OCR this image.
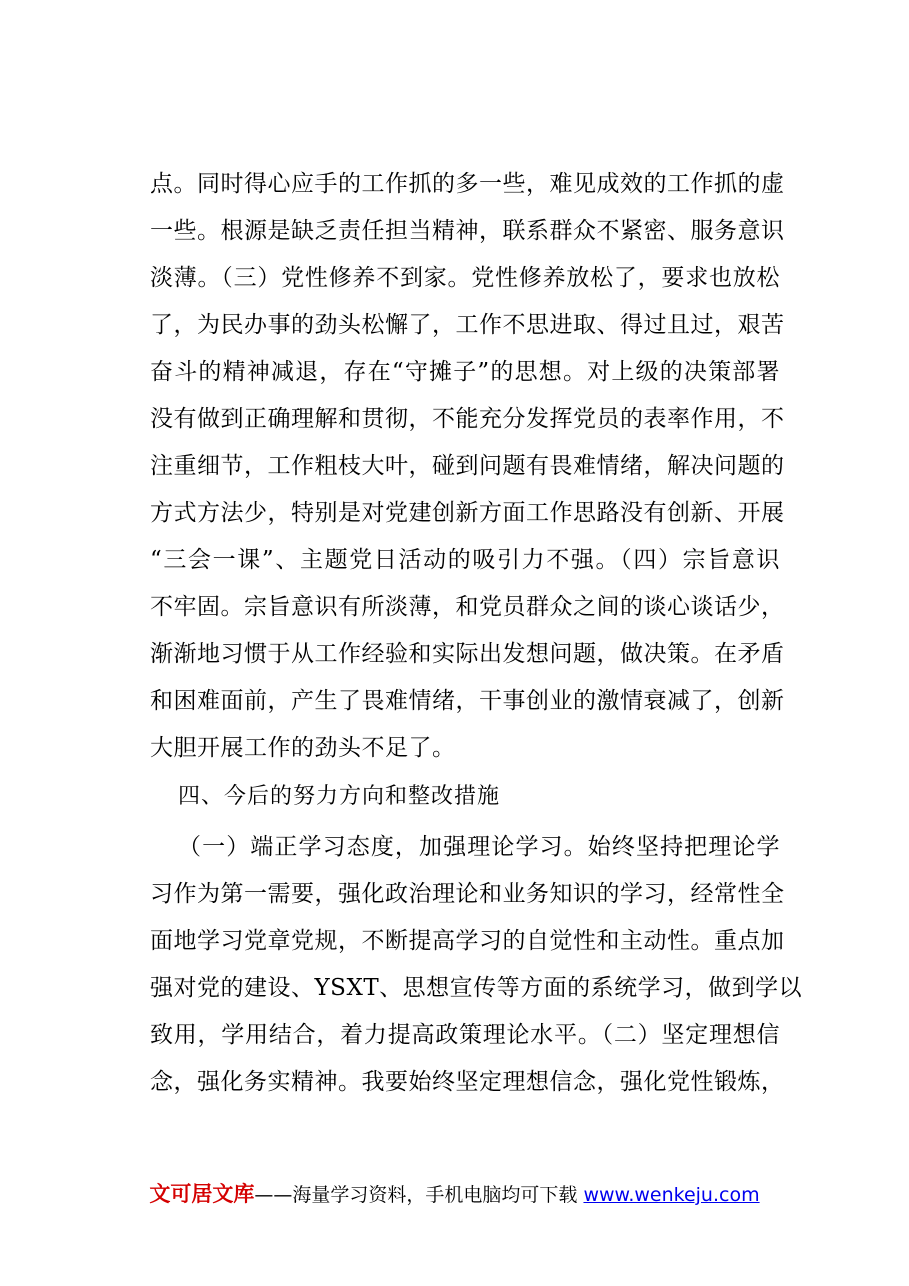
点。同时得心应手的工作抓的多一些，难见成效的工作抓的虚
一些。根源是缺乏责任担当精神，联系群众不紧密、服务意识
淡薄。（三）党性修养不到家。党性修养放松了，要求也放松
了，为民办事的劲头松懈了，工作不思进取、得过且过，艰苦
奋斗的精神减退，存在“守摊子”的思想。对上级的决策部署
没有做到正确理解和贯彻，不能充分发挥党员的表率作用，不
注重细节，工作粗枝大叶，碰到问题有畏难情绪，解决问题的
方式方法少，特别是对党建创新方面工作思路没有创新、开展
“三会一课”、主题党日活动的吸引力不强。（四）宗旨意识
不牢固。宗旨意识有所淡薄，和党员群众之间的谈心谈话少，
渐渐地习惯于从工作经验和实际出发想问题，做决策。在矛盾
和困难面前，产生了畏难情绪，干事创业的激情衰减了，创新
大胆开展工作的劲头不足了。
四、今后的努力方向和整改措施
（一）端正学习态度，加强理论学习。始终坚持把理论学
习作为第一需要，强化政治理论和业务知识的学习，经常性全
面地学习党章党规，不断提高学习的自觉性和主动性。重点加
强对党的建设、YSXT、思想宣传等方面的系统学习，做到学以
致用，学用结合，着力提高政策理论水平。（二）坚定理想信
念，强化务实精神。我要始终坚定理想信念，强化党性锻炼，
文可居文库——海量学习资料，手机电脑均可下载 www.wenkeju.com
